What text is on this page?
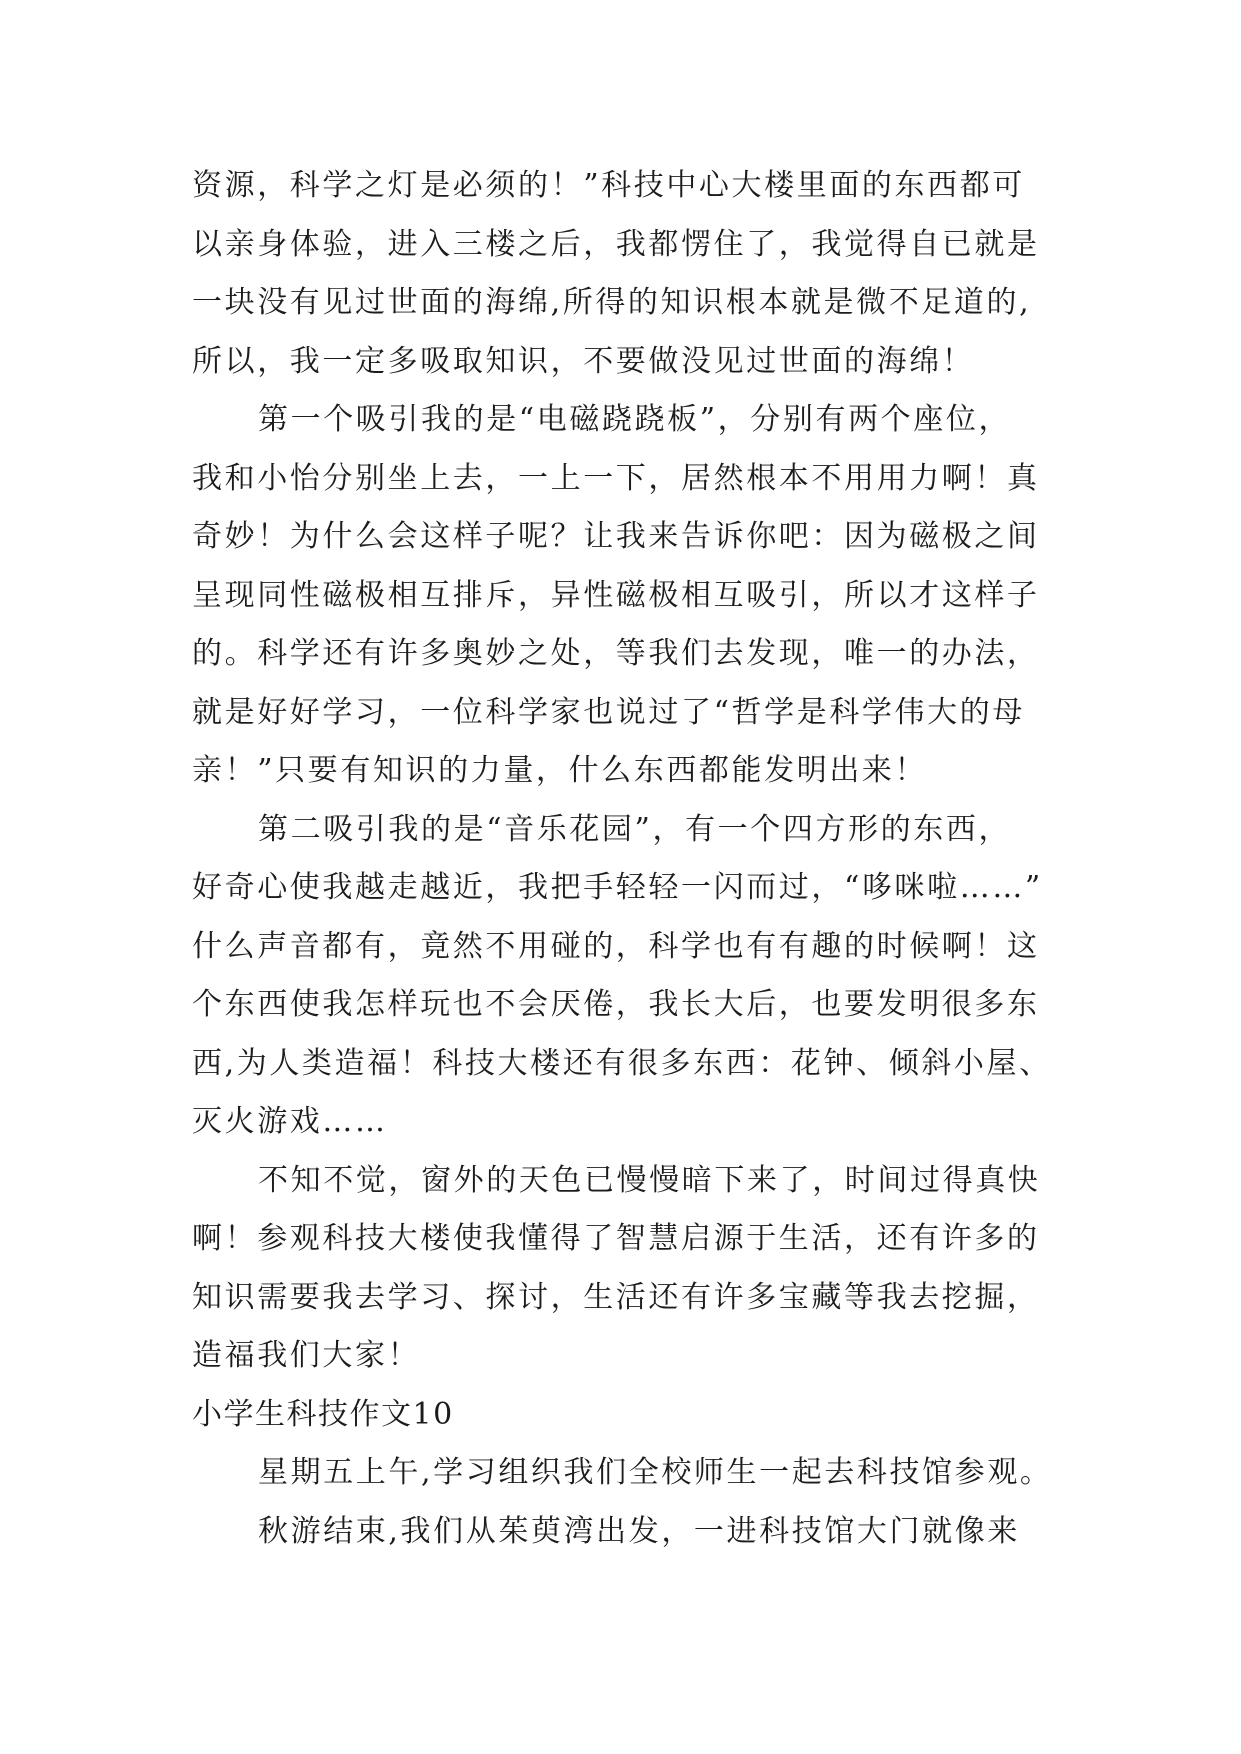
资源，科学之灯是必须的！”科技中心大楼里面的东西都可
以亲身体验，进入三楼之后，我都愣住了，我觉得自已就是
一块没有见过世面的海绵,所得的知识根本就是微不足道的,
所以，我一定多吸取知识，不要做没见过世面的海绵！
第一个吸引我的是“电磁跷跷板”，分别有两个座位，
我和小怡分别坐上去，一上一下，居然根本不用用力啊！真
奇妙！为什么会这样子呢？让我来告诉你吧：因为磁极之间
呈现同性磁极相互排斥，异性磁极相互吸引，所以才这样子
的。科学还有许多奥妙之处，等我们去发现，唯一的办法，
就是好好学习，一位科学家也说过了“哲学是科学伟大的母
亲！”只要有知识的力量，什么东西都能发明出来！
第二吸引我的是“音乐花园”，有一个四方形的东西，
好奇心使我越走越近，我把手轻轻一闪而过，“哆咪啦……”
什么声音都有，竟然不用碰的，科学也有有趣的时候啊！这
个东西使我怎样玩也不会厌倦，我长大后，也要发明很多东
西,为人类造福！科技大楼还有很多东西：花钟、倾斜小屋、
灭火游戏……
不知不觉，窗外的天色已慢慢暗下来了，时间过得真快
啊！参观科技大楼使我懂得了智慧启源于生活，还有许多的
知识需要我去学习、探讨，生活还有许多宝藏等我去挖掘，
造福我们大家！
小学生科技作文10
星期五上午,学习组织我们全校师生一起去科技馆参观。
秋游结束,我们从茱萸湾出发，一进科技馆大门就像来
